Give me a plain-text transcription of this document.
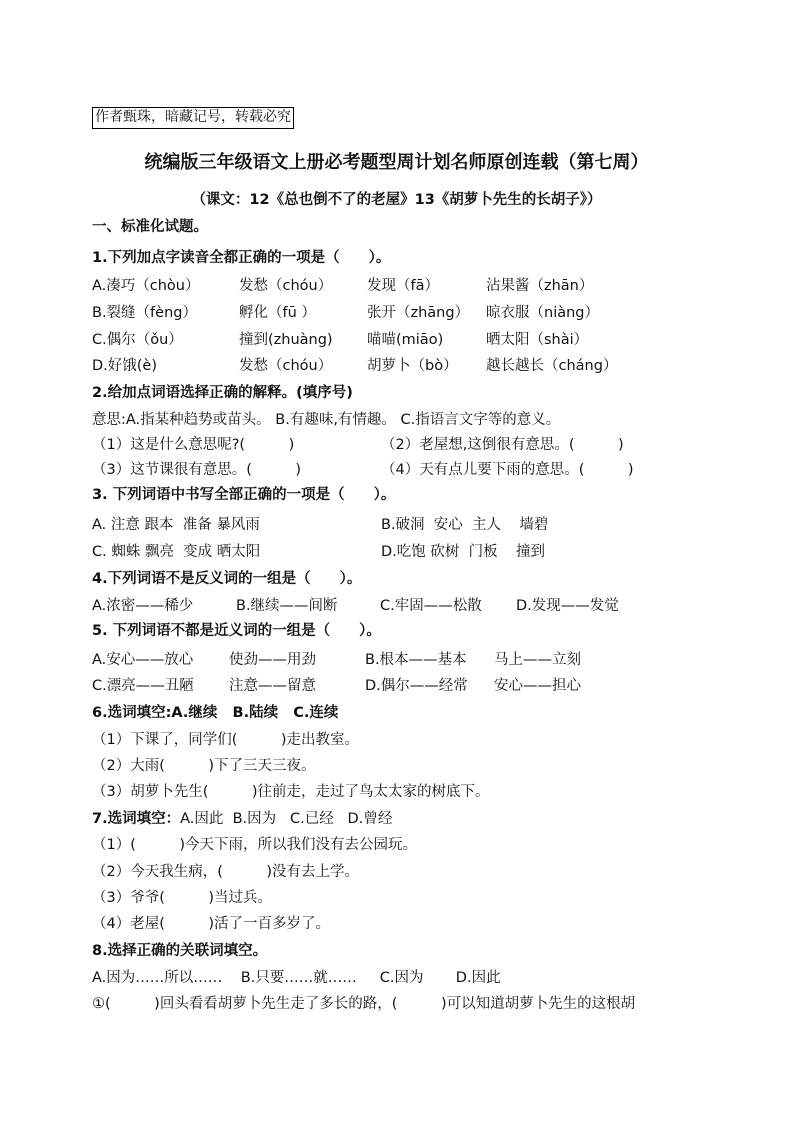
作者甄珠，暗藏记号，转载必究
统编版三年级语文上册必考题型周计划名师原创连载（第七周）
（课文：12《总也倒不了的老屋》13《胡萝卜先生的长胡子》）
一、标准化试题。
1.下列加点字读音全都正确的一项是（　　）。
A.凑巧（chòu）	发愁（chóu） 发现（fā）	沾果酱（zhān）
B.裂缝（fèng）	孵化（fū ）	张开（zhāng） 晾衣服（niàng）
C.偶尔（ǒu）	撞到(zhuàng) 喵喵(miāo)	晒太阳（shài）
D.好饿(è)	发愁（chóu） 胡萝卜（bò） 越长越长（cháng）
2.给加点词语选择正确的解释。(填序号)
意思:A.指某种趋势或苗头。 B.有趣味,有情趣。 C.指语言文字等的意义。
（1）这是什么意思呢?(　　　)	（2）老屋想,这倒很有意思。(　　　)
（3）这节课很有意思。(　　　)	（4）天有点儿要下雨的意思。(　　　)
3. 下列词语中书写全部正确的一项是（　　）。
A. 注意 跟本  准备 暴风雨	B.破洞  安心  主人    墙碧
C. 蜘蛛 飘亮  变成 晒太阳	D.吃饱 砍树  门板    撞到
4.下列词语不是反义词的一组是（　　）。
A.浓密——稀少	B.继续——间断	C.牢固——松散 D.发现——发觉
5. 下列词语不都是近义词的一组是（　　）。
A.安心——放心 使劲——用劲	B.根本——基本 马上——立刻
C.漂亮——丑陋 注意——留意	D.偶尔——经常 安心——担心
6.选词填空:A.继续   B.陆续   C.连续
（1）下课了，同学们(　　　)走出教室。
（2）大雨(　　　)下了三天三夜。
（3）胡萝卜先生(　　　)往前走，走过了鸟太太家的树底下。
7.选词填空：A.因此  B.因为   C.已经   D.曾经
（1）(　　　)今天下雨，所以我们没有去公园玩。
（2）今天我生病，(　　　)没有去上学。
（3）爷爷(　　　)当过兵。
（4）老屋(　　　)活了一百多岁了。
8.选择正确的关联词填空。
A.因为……所以……    B.只要……就……     C.因为       D.因此
①(　　　)回头看看胡萝卜先生走了多长的路，(　　　)可以知道胡萝卜先生的这根胡
